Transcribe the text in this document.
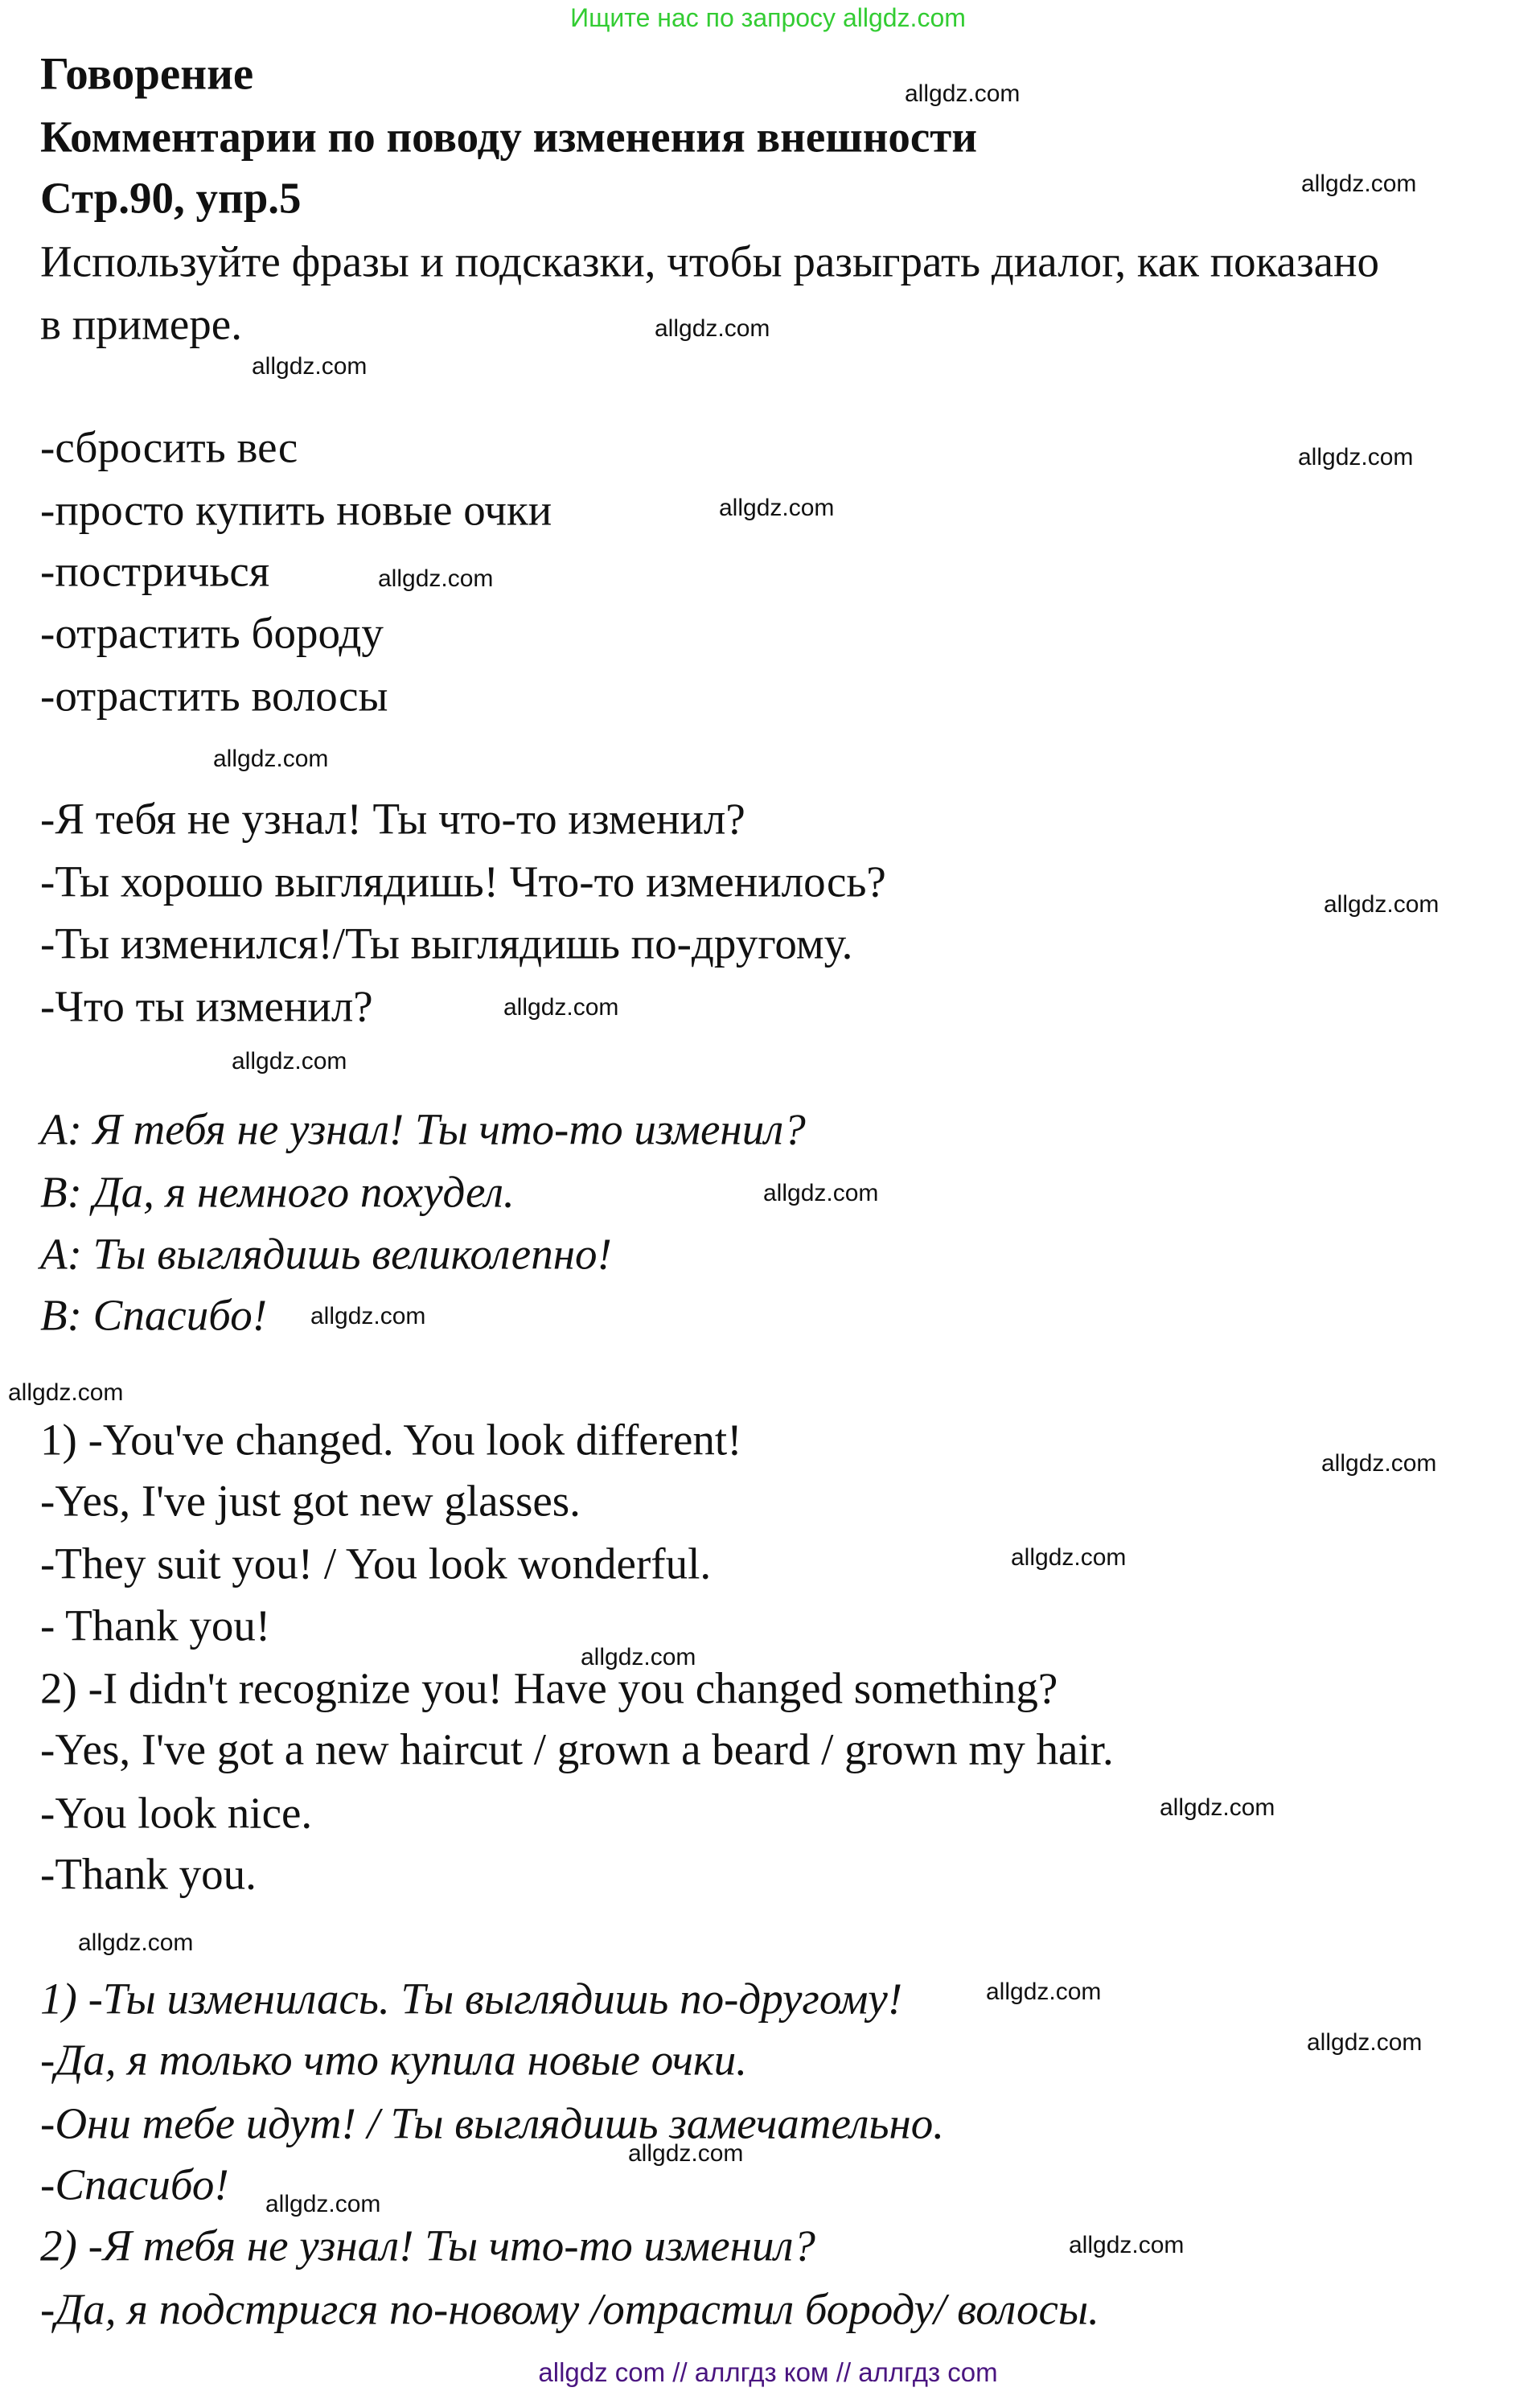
Ищите нас по запросу allgdz.com
Говорение
Комментарии по поводу изменения внешности
Стр.90, упр.5
Используйте фразы и подсказки, чтобы разыграть диалог, как показано
в примере.
-сбросить вес
-просто купить новые очки
-постричься
-отрастить бороду
-отрастить волосы
-Я тебя не узнал! Ты что-то изменил?
-Ты хорошо выглядишь! Что-то изменилось?
-Ты изменился!/Ты выглядишь по-другому.
-Что ты изменил?
A: Я тебя не узнал! Ты что-то изменил?
B: Да, я немного похудел.
A: Ты выглядишь великолепно!
B: Спасибо!
1) -You've changed. You look different!
-Yes, I've just got new glasses.
-They suit you! / You look wonderful.
- Thank you!
2) -I didn't recognize you! Have you changed something?
-Yes, I've got a new haircut / grown a beard / grown my hair.
-You look nice.
-Thank you.
1) -Ты изменилась. Ты выглядишь по-другому!
-Да, я только что купила новые очки.
-Они тебе идут! / Ты выглядишь замечательно.
-Спасибо!
2) -Я тебя не узнал! Ты что-то изменил?
-Да, я подстригся по-новому /отрастил бороду/ волосы.
allgdz.com
allgdz.com
allgdz.com
allgdz.com
allgdz.com
allgdz.com
allgdz.com
allgdz.com
allgdz.com
allgdz.com
allgdz.com
allgdz.com
allgdz.com
allgdz.com
allgdz.com
allgdz.com
allgdz.com
allgdz.com
allgdz.com
allgdz.com
allgdz.com
allgdz.com
allgdz.com
allgdz.com
allgdz com // аллгдз ком // аллгдз com
